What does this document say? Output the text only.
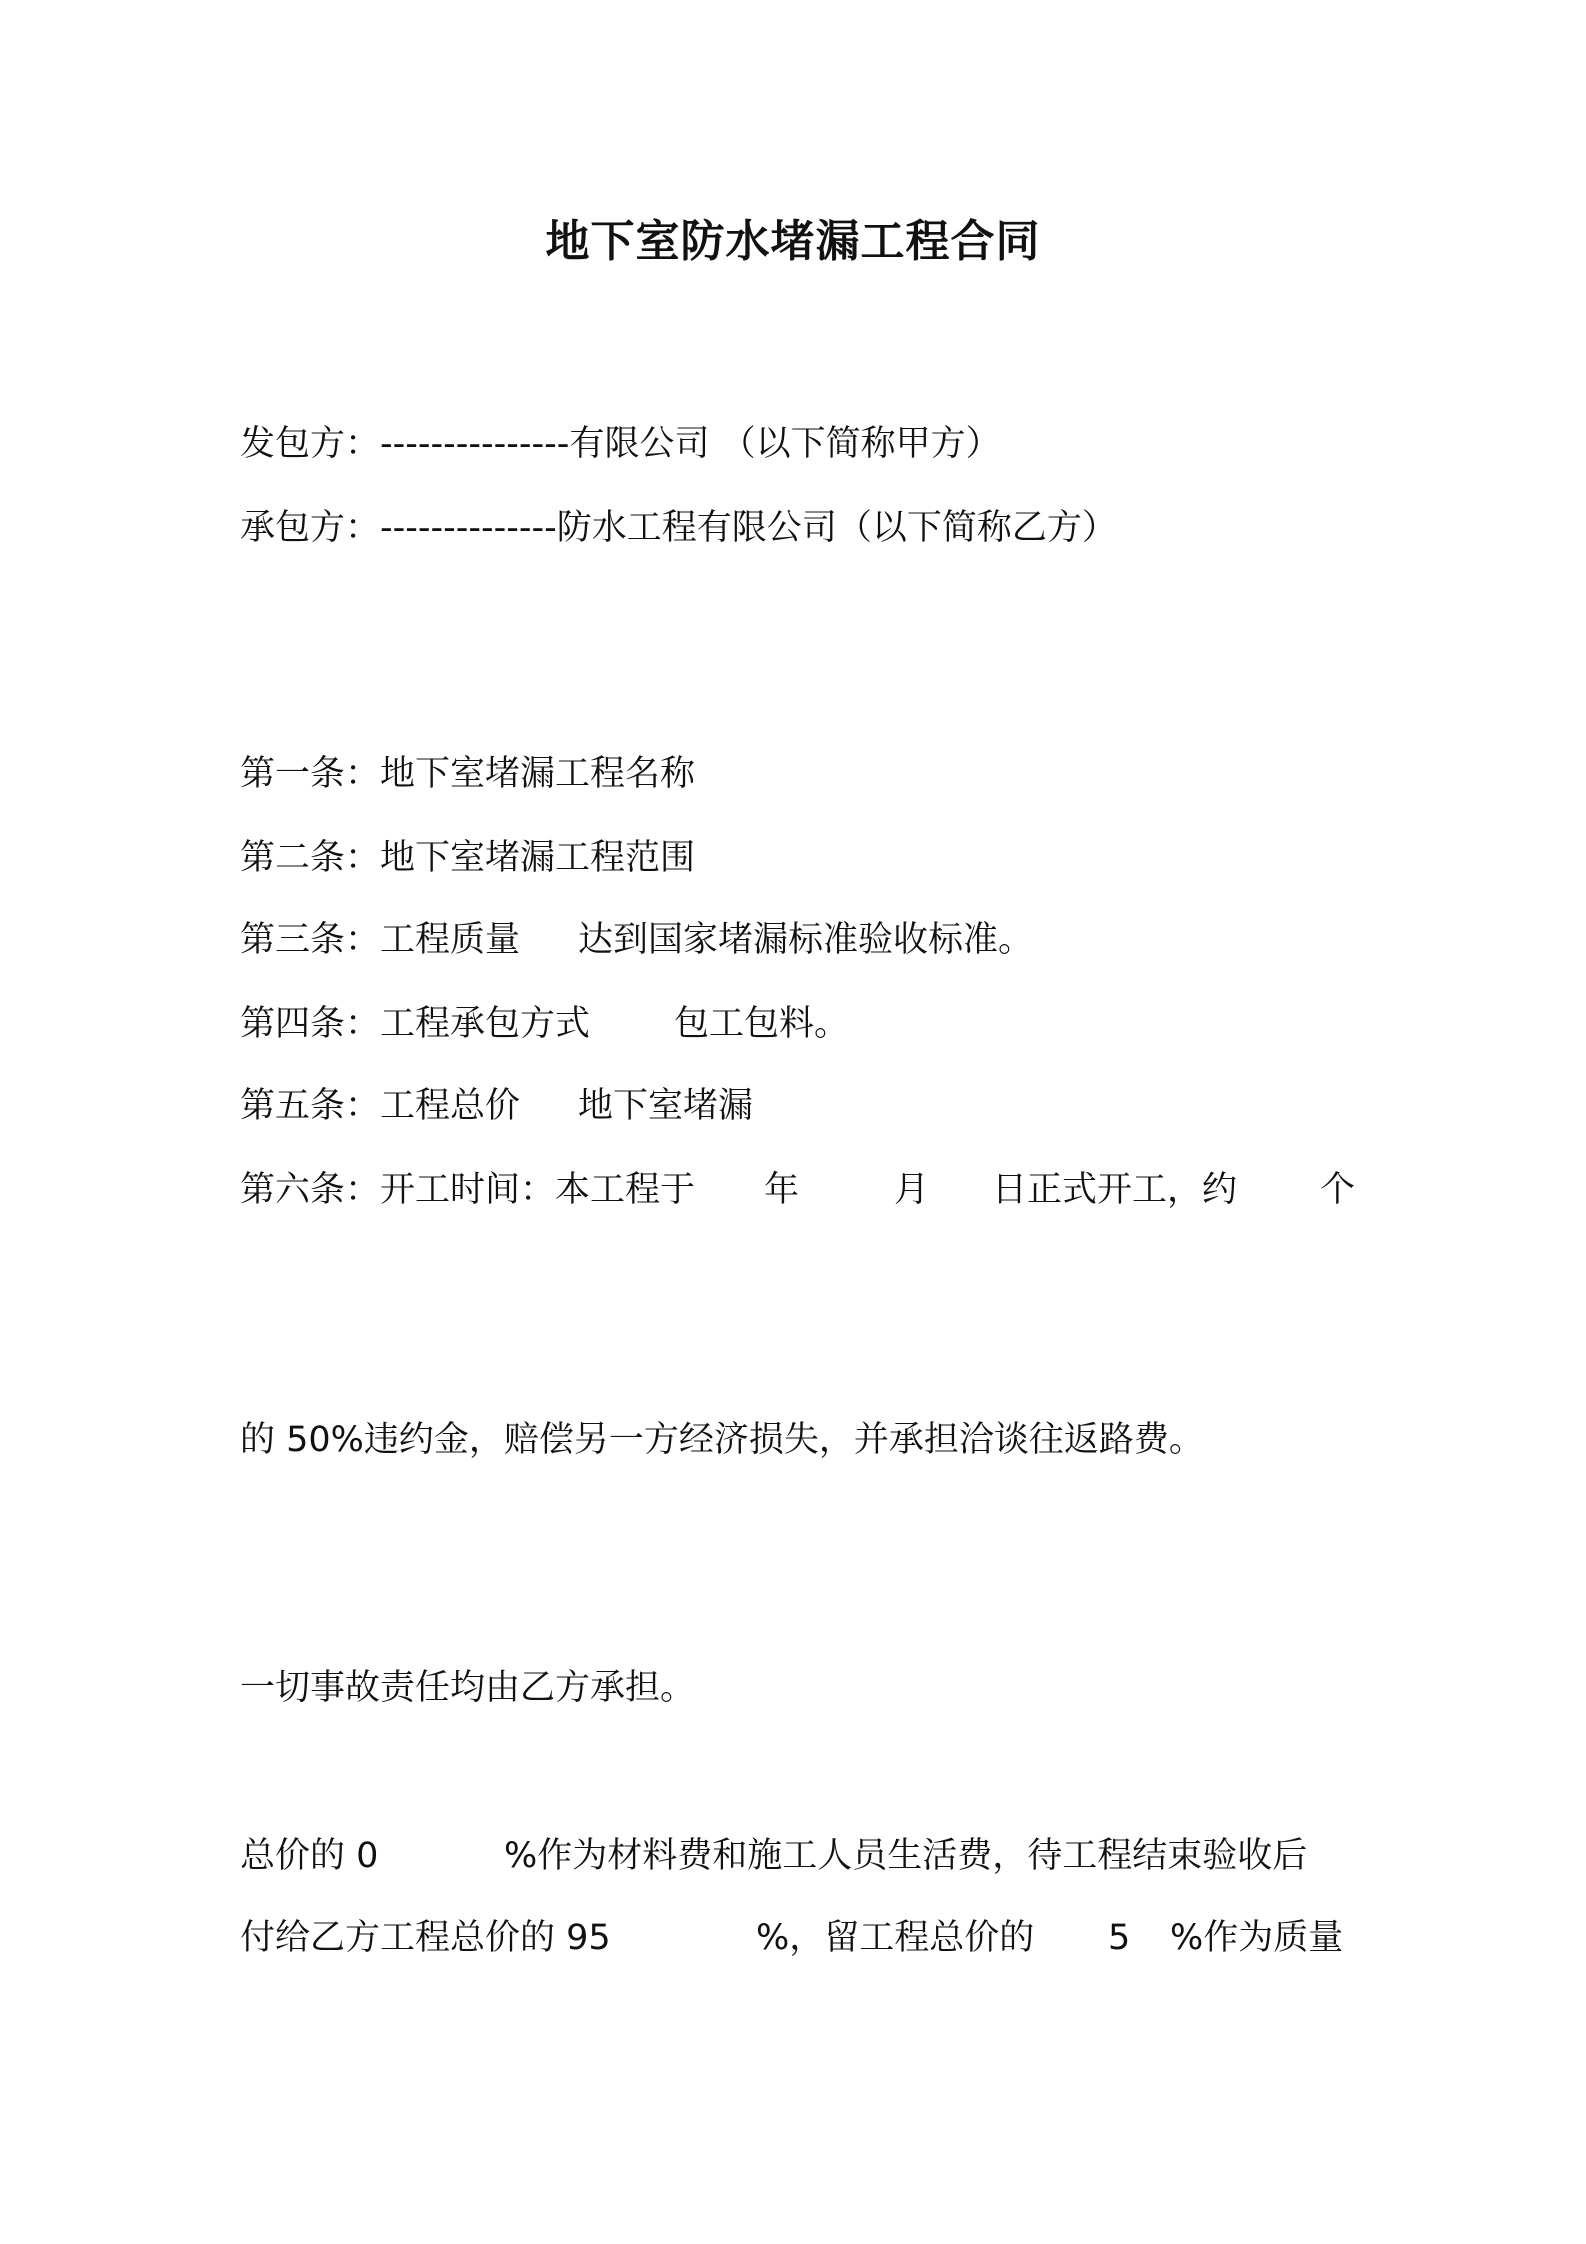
地下室防水堵漏工程合同

发包方：---------------有限公司 （以下简称甲方）

承包方：--------------防水工程有限公司（以下简称乙方）

第一条：地下室堵漏工程名称

第二条：地下室堵漏工程范围

第三条：工程质量

达到国家堵漏标准验收标准。

第四条：工程承包方式

包工包料。

第五条：工程总价

地下室堵漏

第六条：开工时间：本工程于

年

	月

日正式开工，约

个

的 50%违约金，赔偿另一方经济损失，并承担洽谈往返路费。

一切事故责任均由乙方承担。

总价的 0

	%作为材料费和施工人员生活费，待工程结束验收后

付给乙方工程总价的 95

	%，留工程总价的

5

%作为质量
